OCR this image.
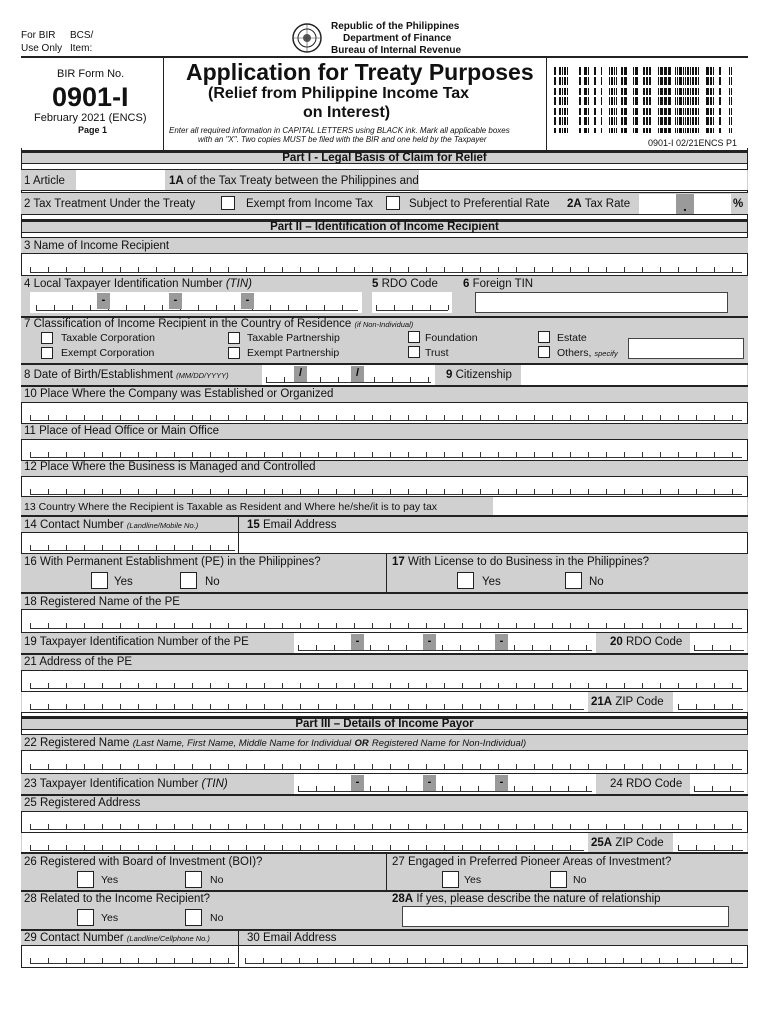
For BIR
Use Only
BCS/
Item:
Republic of the Philippines
Department of Finance
Bureau of Internal Revenue
BIR Form No.
0901-I
February 2021 (ENCS)
Page 1
Application for Treaty Purposes
(Relief from Philippine Income Tax
on Interest)
Enter all required information in CAPITAL LETTERS using BLACK ink. Mark all applicable boxes
with an "X". Two copies MUST be filed with the BIR and one held by the Taxpayer	0901-I 02/21ENCS P1
Part I - Legal Basis of Claim for Relief
1 Article	1A of the Tax Treaty between the Philippines and
2 Tax Treatment Under the Treaty	Exempt from Income Tax	Subject to Preferential Rate 2A Tax Rate	.	%
Part II – Identification of Income Recipient
3 Name of Income Recipient
4 Local Taxpayer Identification Number (TIN)
-	-	-
5 RDO Code 6 Foreign TIN
7 Classification of Income Recipient in the Country of Residence (if Non-Individual)
Taxable Corporation	Taxable Partnership	Foundation	Estate
Exempt Corporation	Exempt Partnership	Trust	Others, specify
8 Date of Birth/Establishment (MM/DD/YYYY)	/	/	9 Citizenship
10 Place Where the Company was Established or Organized
11 Place of Head Office or Main Office
12 Place Where the Business is Managed and Controlled
13 Country Where the Recipient is Taxable as Resident and Where he/she/it is to pay tax
14 Contact Number (Landline/Mobile No.)	15 Email Address
16 With Permanent Establishment (PE) in the Philippines?	17 With License to do Business in the Philippines?
Yes	No	Yes	No
18 Registered Name of the PE
19 Taxpayer Identification Number of the PE	-	-	-	20 RDO Code
21 Address of the PE
21A ZIP Code
Part III – Details of Income Payor
22 Registered Name (Last Name, First Name, Middle Name for Individual OR Registered Name for Non-Individual)
23 Taxpayer Identification Number (TIN)	-	-	-	24 RDO Code
25 Registered Address
25A ZIP Code
26 Registered with Board of Investment (BOI)?	27 Engaged in Preferred Pioneer Areas of Investment?
Yes	No	Yes	No
28 Related to the Income Recipient?	28A If yes, please describe the nature of relationship
Yes	No
29 Contact Number (Landline/Cellphone No.)	30 Email Address
